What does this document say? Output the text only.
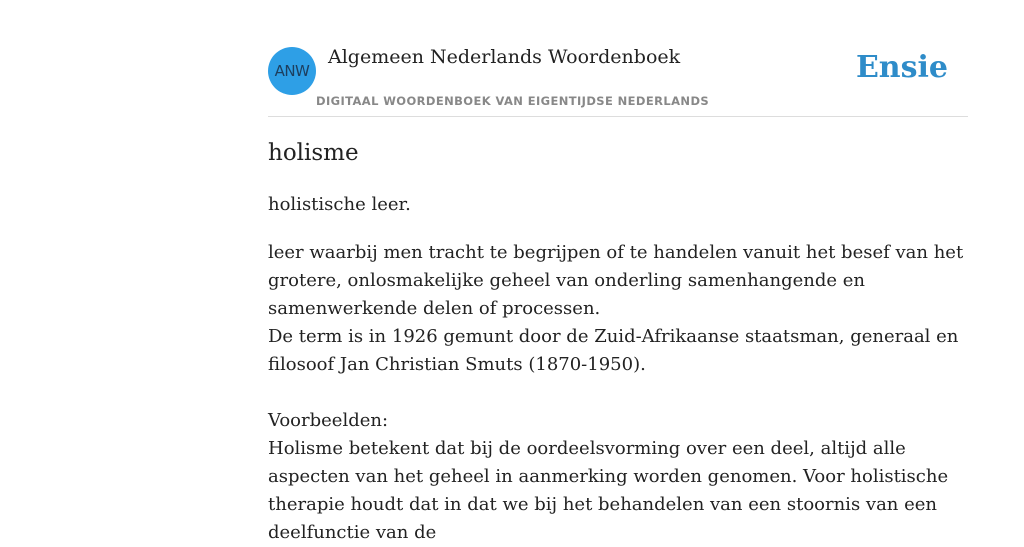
ANW
Algemeen Nederlands Woordenboek
DIGITAAL WOORDENBOEK VAN EIGENTIJDSE NEDERLANDS
Ensie
holisme
holistische leer.

leer waarbij men tracht te begrijpen of te handelen vanuit het besef van het grotere, onlosmakelijke geheel van onderling samenhangende en samenwerkende delen of processen.

De term is in 1926 gemunt door de Zuid-Afrikaanse staatsman, generaal en filosoof Jan Christian Smuts (1870-1950).

Voorbeelden:

Holisme betekent dat bij de oordeelsvorming over een deel, altijd alle aspecten van het geheel in aanmerking worden genomen. Voor holistische therapie houdt dat in dat we bij het behandelen van een stoornis van een deelfunctie van de
